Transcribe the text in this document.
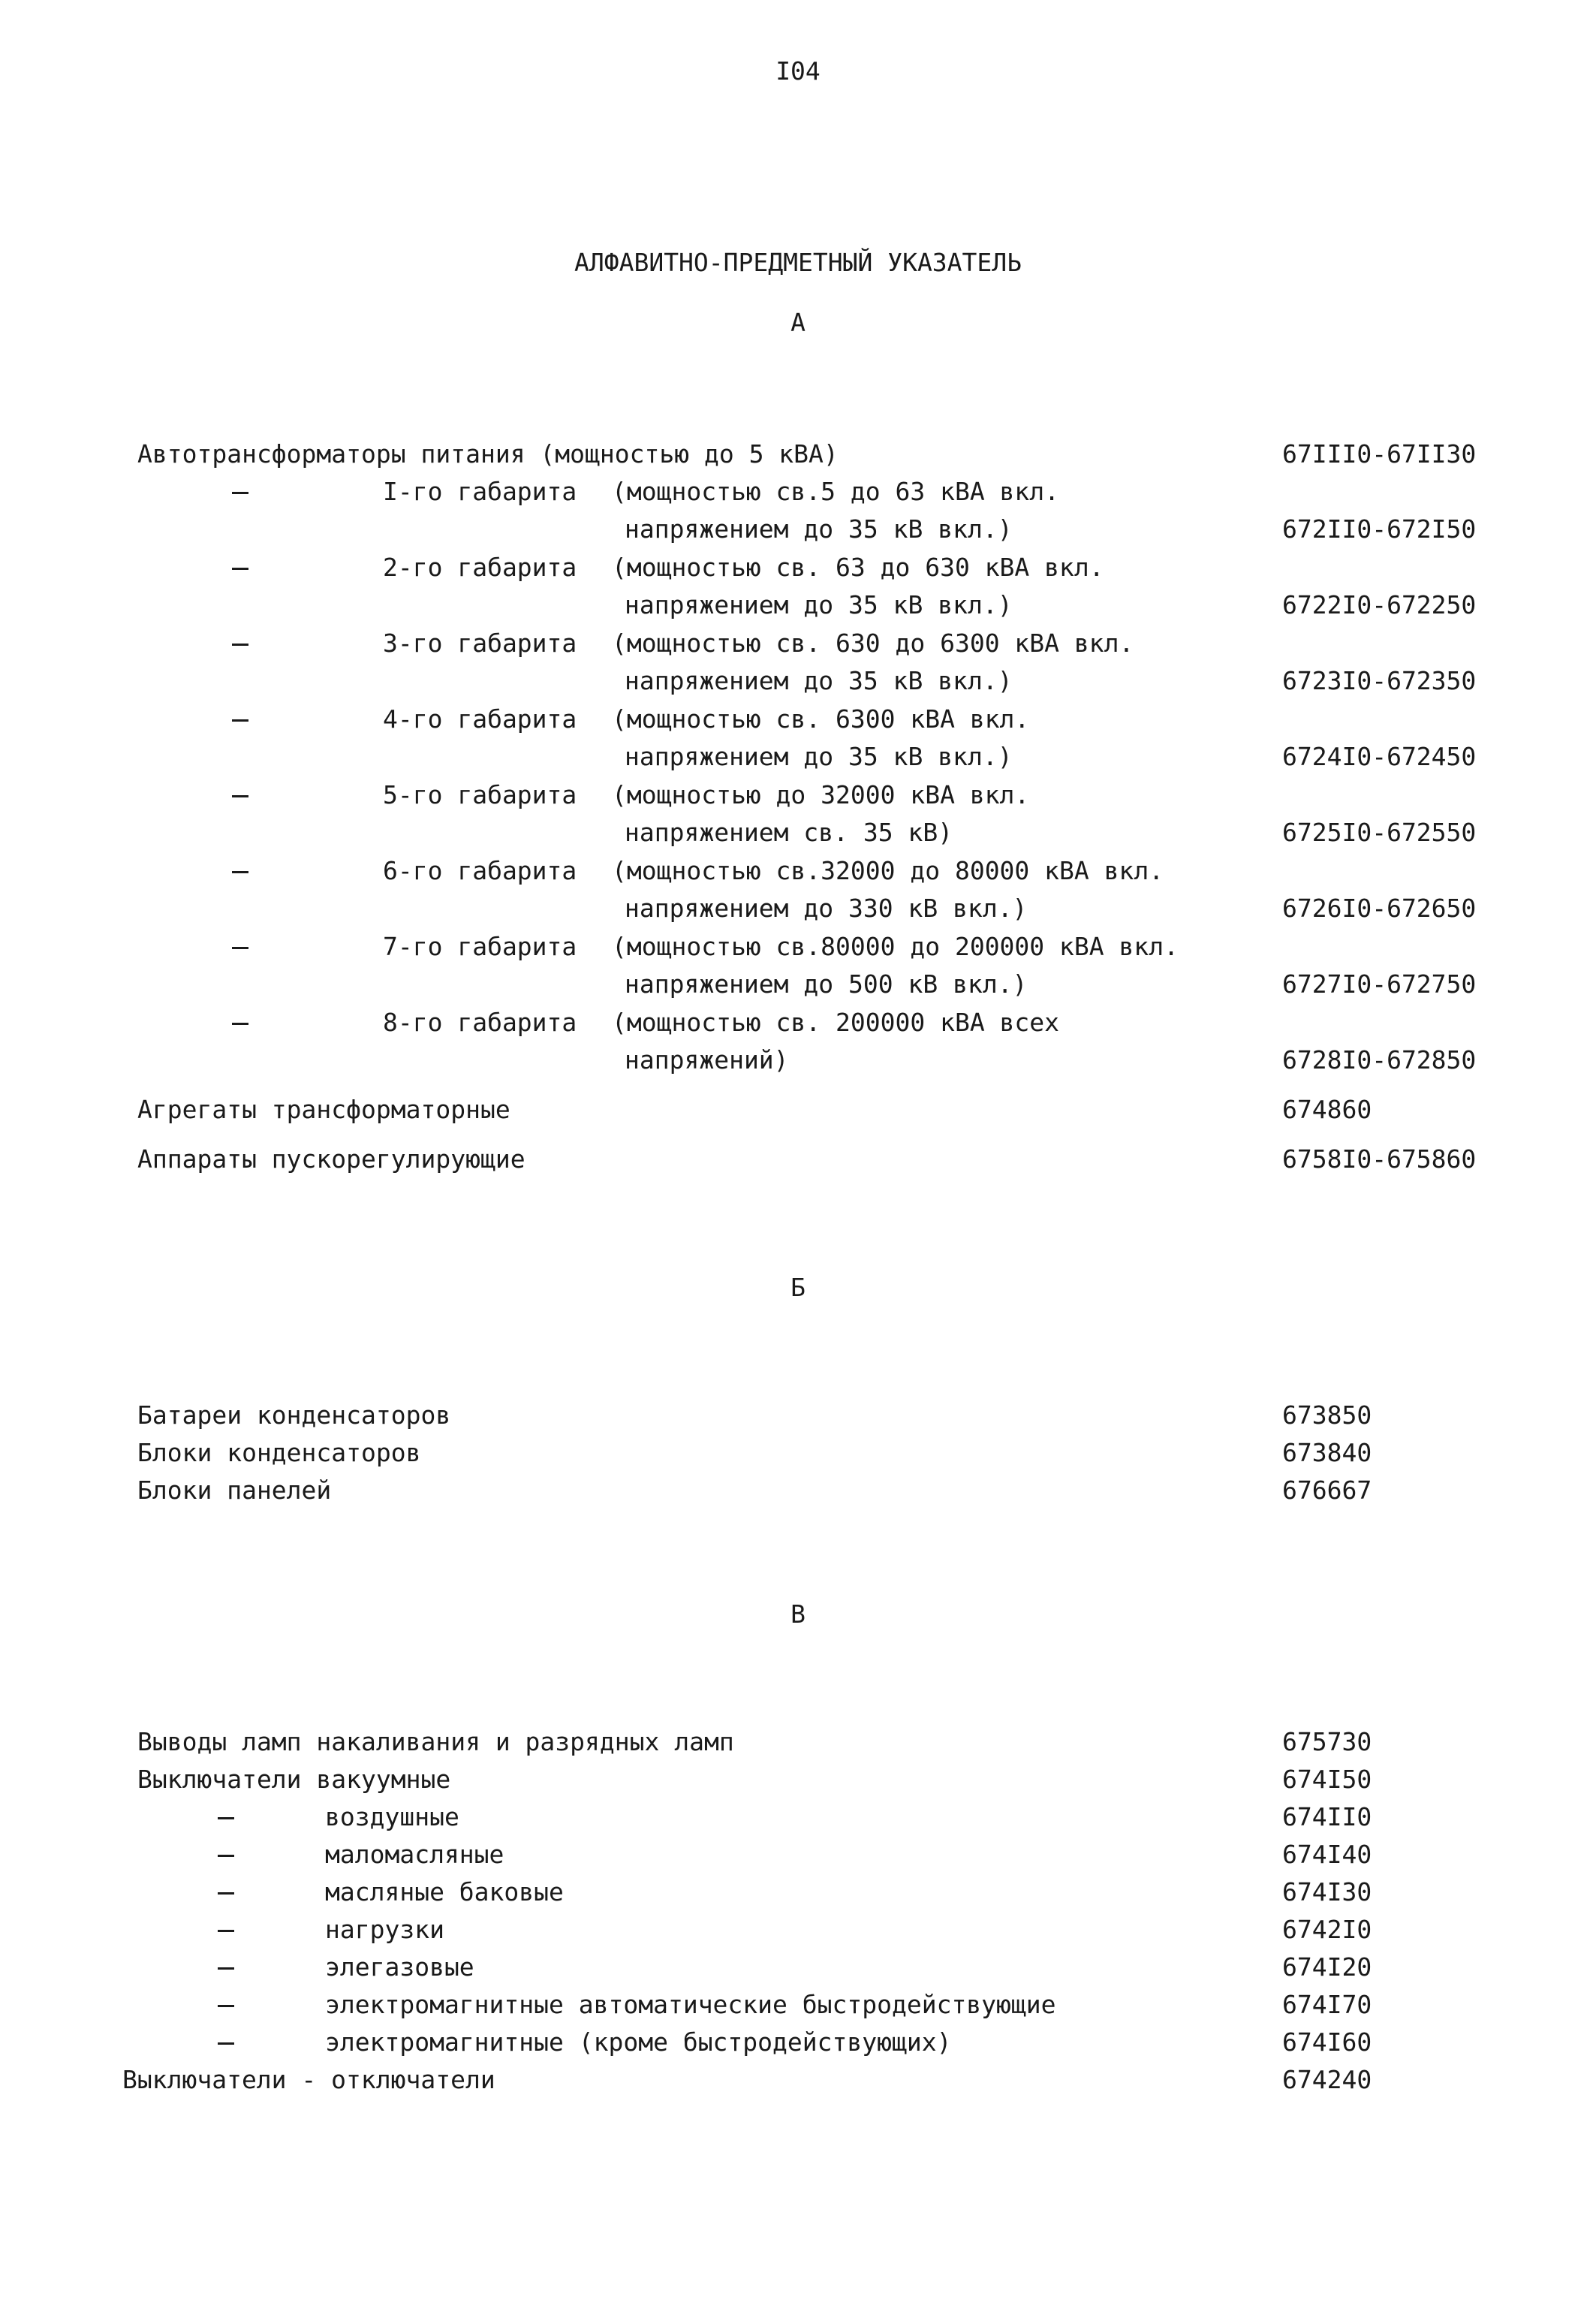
I04
АЛФАВИТНО-ПРЕДМЕТНЫЙ УКАЗАТЕЛЬ
А
Автотрансформаторы питания (мощностью до 5 кВА)	67III0-67II30
I-го габарита (мощностью св.5 до 63 кВА вкл.
напряжением до 35 кВ вкл.)	672II0-672I50
2-го габарита (мощностью св. 63 до 630 кВА вкл.
напряжением до 35 кВ вкл.)	6722I0-672250
3-го габарита (мощностью св. 630 до 6300 кВА вкл.
напряжением до 35 кВ вкл.)	6723I0-672350
4-го габарита (мощностью св. 6300 кВА вкл.
напряжением до 35 кВ вкл.)	6724I0-672450
5-го габарита (мощностью до 32000 кВА вкл.
напряжением св. 35 кВ)	6725I0-672550
6-го габарита (мощностью св.32000 до 80000 кВА вкл.
напряжением до 330 кВ вкл.)	6726I0-672650
7-го габарита (мощностью св.80000 до 200000 кВА вкл.
напряжением до 500 кВ вкл.)	6727I0-672750
8-го габарита (мощностью св. 200000 кВА всех
напряжений)	6728I0-672850
Агрегаты трансформаторные	674860
Аппараты пускорегулирующие	6758I0-675860
Б
Батареи конденсаторов	673850
Блоки конденсаторов	673840
Блоки панелей	676667
В
Выводы ламп накаливания и разрядных ламп	675730
Выключатели вакуумные	674I50
воздушные	674II0
маломасляные	674I40
масляные баковые	674I30
нагрузки	6742I0
элегазовые	674I20
электромагнитные автоматические быстродействующие	674I70
электромагнитные (кроме быстродействующих)	674I60
Выключатели - отключатели	674240
